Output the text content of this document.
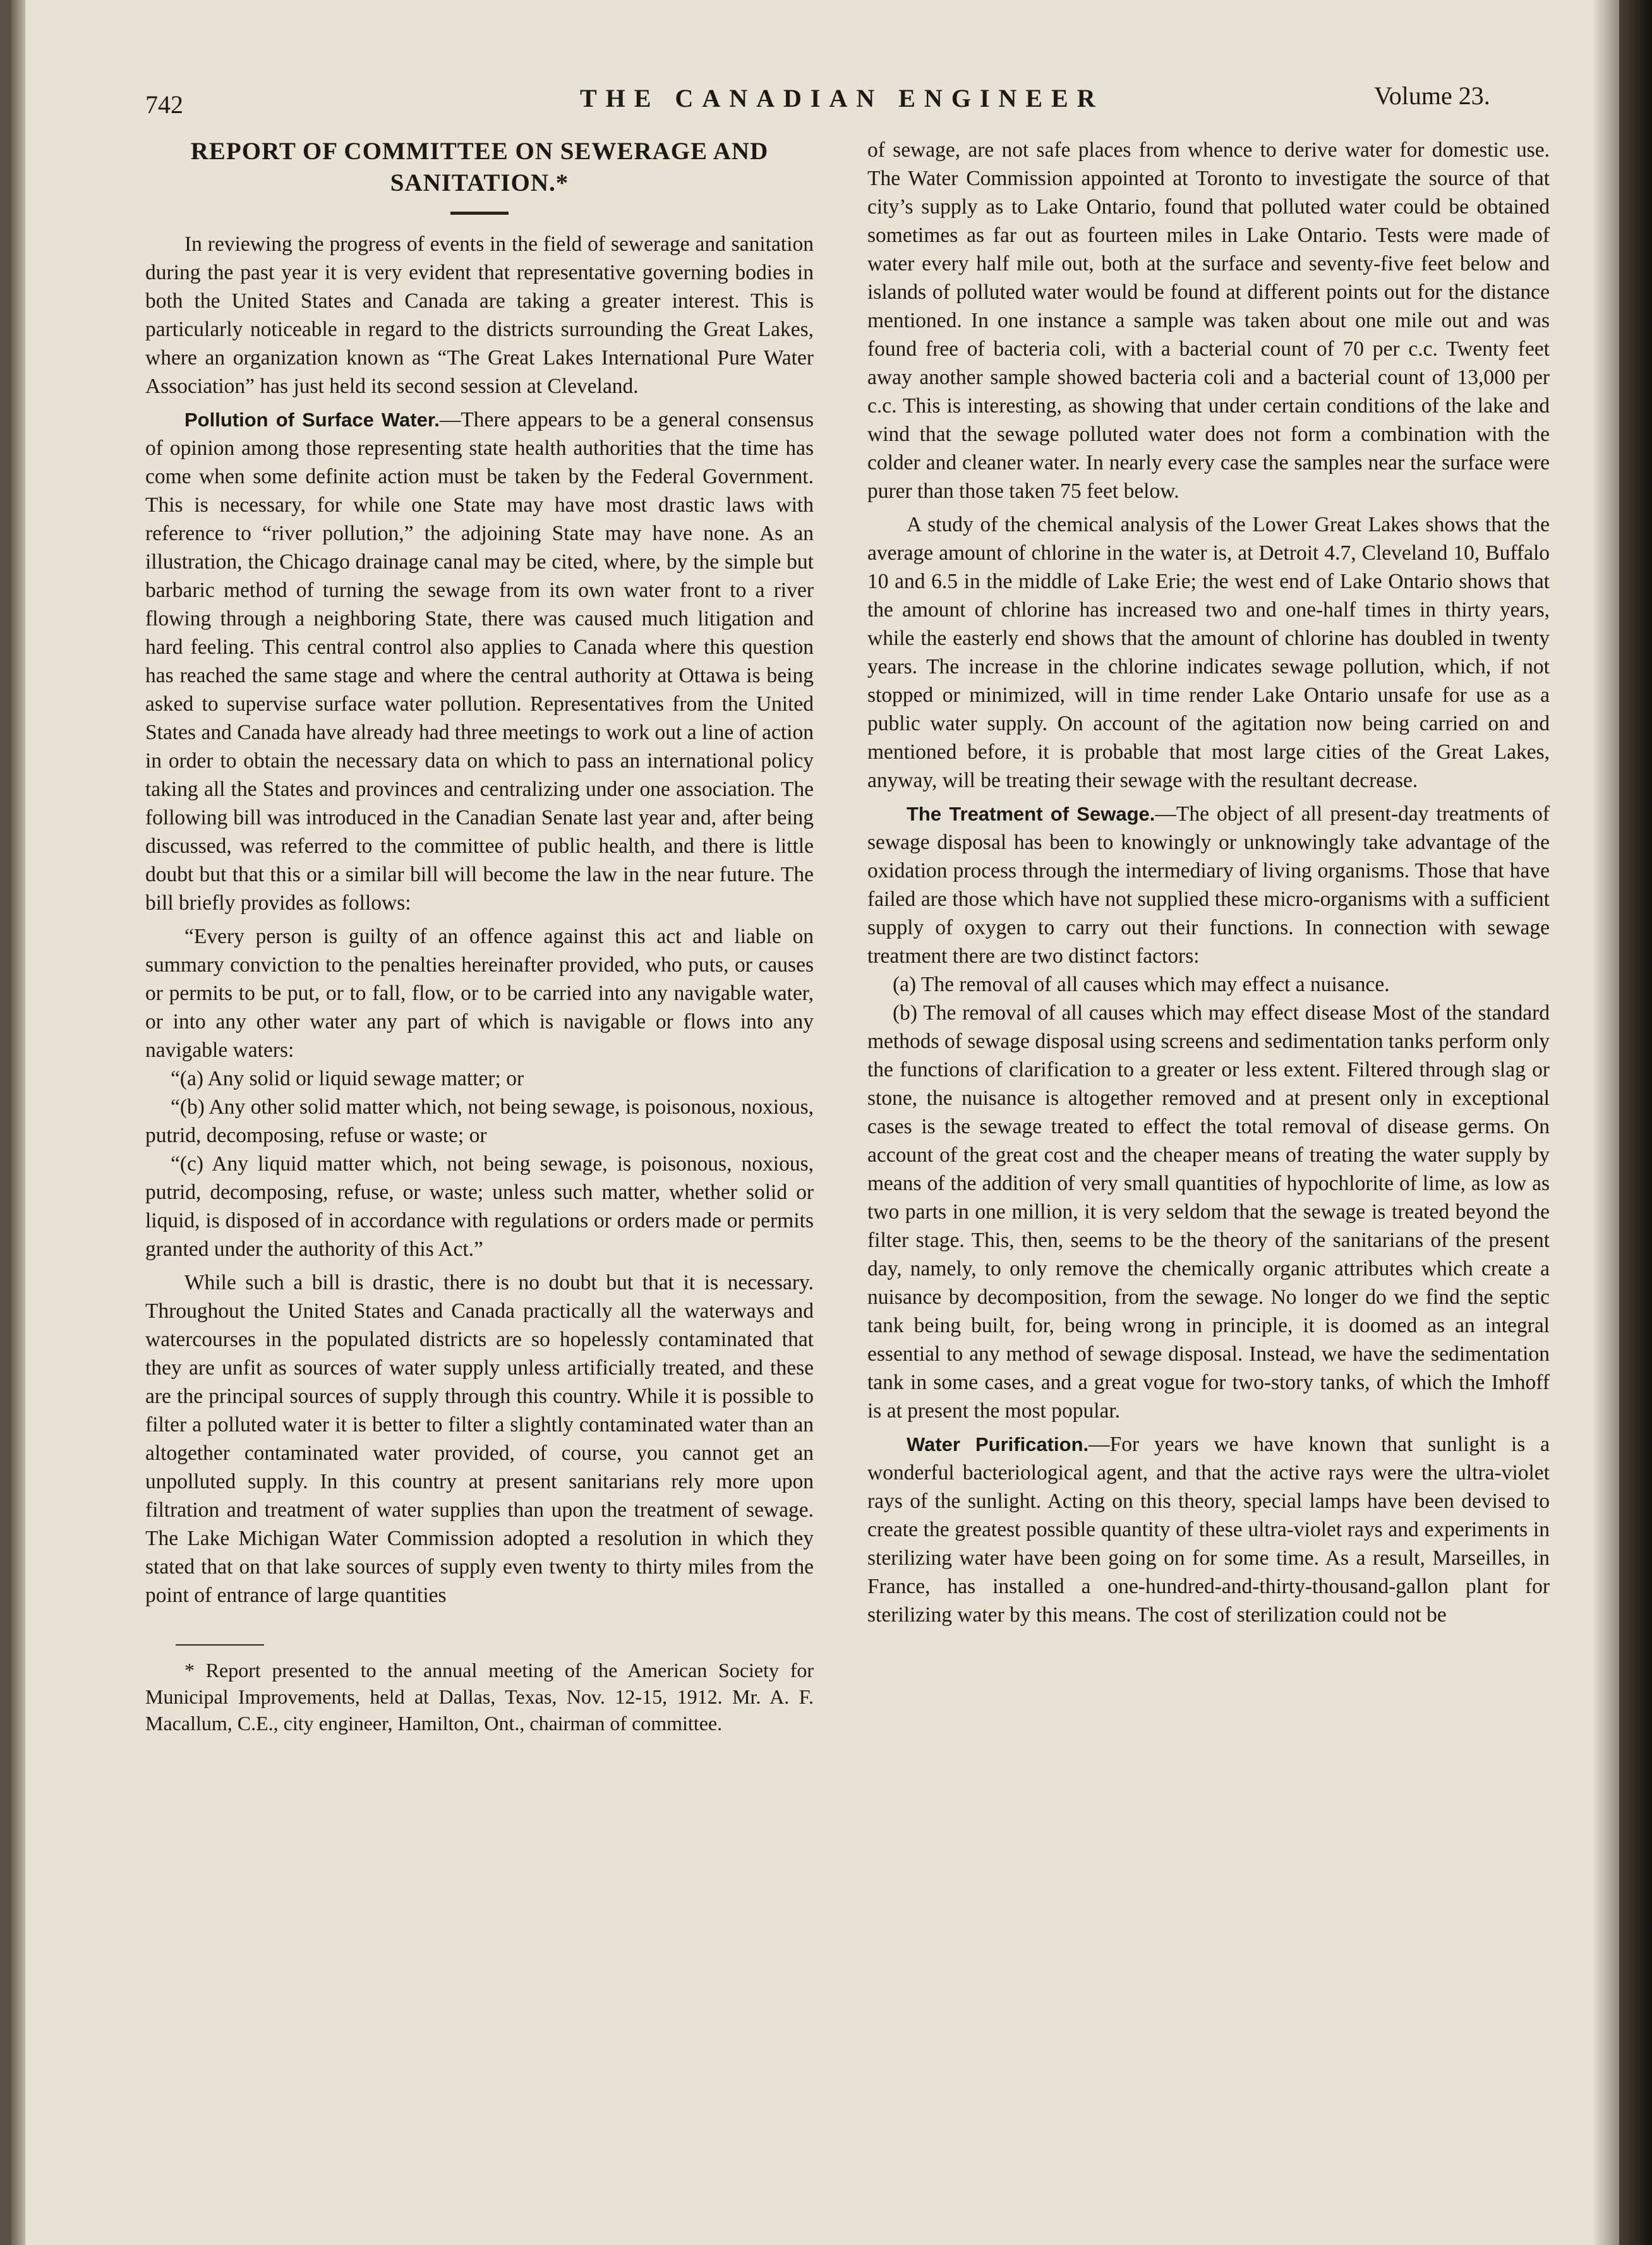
742	THE CANADIAN ENGINEER	Volume 23.
REPORT OF COMMITTEE ON SEWERAGE AND
SANITATION.*

In reviewing the progress of events in the field of sewerage and sanitation during the past year it is very evident that representative governing bodies in both the United States and Canada are taking a greater interest. This is particularly noticeable in regard to the districts surrounding the Great Lakes, where an organization known as “The Great Lakes International Pure Water Association” has just held its second session at Cleveland.

Pollution of Surface Water.—There appears to be a general consensus of opinion among those representing state health authorities that the time has come when some definite action must be taken by the Federal Government. This is necessary, for while one State may have most drastic laws with reference to “river pollution,” the adjoining State may have none. As an illustration, the Chicago drainage canal may be cited, where, by the simple but barbaric method of turning the sewage from its own water front to a river flowing through a neighboring State, there was caused much litigation and hard feeling. This central control also applies to Canada where this question has reached the same stage and where the central authority at Ottawa is being asked to supervise surface water pollution. Representatives from the United States and Canada have already had three meetings to work out a line of action in order to obtain the necessary data on which to pass an international policy taking all the States and provinces and centralizing under one association. The following bill was introduced in the Canadian Senate last year and, after being discussed, was referred to the committee of public health, and there is little doubt but that this or a similar bill will become the law in the near future. The bill briefly provides as follows:

“Every person is guilty of an offence against this act and liable on summary conviction to the penalties hereinafter provided, who puts, or causes or permits to be put, or to fall, flow, or to be carried into any navigable water, or into any other water any part of which is navigable or flows into any navigable waters:

“(a) Any solid or liquid sewage matter; or

“(b) Any other solid matter which, not being sewage, is poisonous, noxious, putrid, decomposing, refuse or waste; or

“(c) Any liquid matter which, not being sewage, is poisonous, noxious, putrid, decomposing, refuse, or waste; unless such matter, whether solid or liquid, is disposed of in accordance with regulations or orders made or permits granted under the authority of this Act.”

While such a bill is drastic, there is no doubt but that it is necessary. Throughout the United States and Canada practically all the waterways and watercourses in the populated districts are so hopelessly contaminated that they are unfit as sources of water supply unless artificially treated, and these are the principal sources of supply through this country. While it is possible to filter a polluted water it is better to filter a slightly contaminated water than an altogether contaminated water provided, of course, you cannot get an unpolluted supply. In this country at present sanitarians rely more upon filtration and treatment of water supplies than upon the treatment of sewage. The Lake Michigan Water Commission adopted a resolution in which they stated that on that lake sources of supply even twenty to thirty miles from the point of entrance of large quantities

* Report presented to the annual meeting of the American Society for Municipal Improvements, held at Dallas, Texas, Nov. 12-15, 1912. Mr. A. F. Macallum, C.E., city engineer, Hamilton, Ont., chairman of committee.

of sewage, are not safe places from whence to derive water for domestic use. The Water Commission appointed at Toronto to investigate the source of that city’s supply as to Lake Ontario, found that polluted water could be obtained sometimes as far out as fourteen miles in Lake Ontario. Tests were made of water every half mile out, both at the surface and seventy-five feet below and islands of polluted water would be found at different points out for the distance mentioned. In one instance a sample was taken about one mile out and was found free of bacteria coli, with a bacterial count of 70 per c.c. Twenty feet away another sample showed bacteria coli and a bacterial count of 13,000 per c.c. This is interesting, as showing that under certain conditions of the lake and wind that the sewage polluted water does not form a combination with the colder and cleaner water. In nearly every case the samples near the surface were purer than those taken 75 feet below.

A study of the chemical analysis of the Lower Great Lakes shows that the average amount of chlorine in the water is, at Detroit 4.7, Cleveland 10, Buffalo 10 and 6.5 in the middle of Lake Erie; the west end of Lake Ontario shows that the amount of chlorine has increased two and one-half times in thirty years, while the easterly end shows that the amount of chlorine has doubled in twenty years. The increase in the chlorine indicates sewage pollution, which, if not stopped or minimized, will in time render Lake Ontario unsafe for use as a public water supply. On account of the agitation now being carried on and mentioned before, it is probable that most large cities of the Great Lakes, anyway, will be treating their sewage with the resultant decrease.

The Treatment of Sewage.—The object of all present-day treatments of sewage disposal has been to knowingly or unknowingly take advantage of the oxidation process through the intermediary of living organisms. Those that have failed are those which have not supplied these micro-organisms with a sufficient supply of oxygen to carry out their functions. In connection with sewage treatment there are two distinct factors:

(a) The removal of all causes which may effect a nuisance.

(b) The removal of all causes which may effect disease Most of the standard methods of sewage disposal using screens and sedimentation tanks perform only the functions of clarification to a greater or less extent. Filtered through slag or stone, the nuisance is altogether removed and at present only in exceptional cases is the sewage treated to effect the total removal of disease germs. On account of the great cost and the cheaper means of treating the water supply by means of the addition of very small quantities of hypochlorite of lime, as low as two parts in one million, it is very seldom that the sewage is treated beyond the filter stage. This, then, seems to be the theory of the sanitarians of the present day, namely, to only remove the chemically organic attributes which create a nuisance by decomposition, from the sewage. No longer do we find the septic tank being built, for, being wrong in principle, it is doomed as an integral essential to any method of sewage disposal. Instead, we have the sedimentation tank in some cases, and a great vogue for two-story tanks, of which the Imhoff is at present the most popular.

Water Purification.—For years we have known that sunlight is a wonderful bacteriological agent, and that the active rays were the ultra-violet rays of the sunlight. Acting on this theory, special lamps have been devised to create the greatest possible quantity of these ultra-violet rays and experiments in sterilizing water have been going on for some time. As a result, Marseilles, in France, has installed a one-hundred-and-thirty-thousand-gallon plant for sterilizing water by this means. The cost of sterilization could not be
